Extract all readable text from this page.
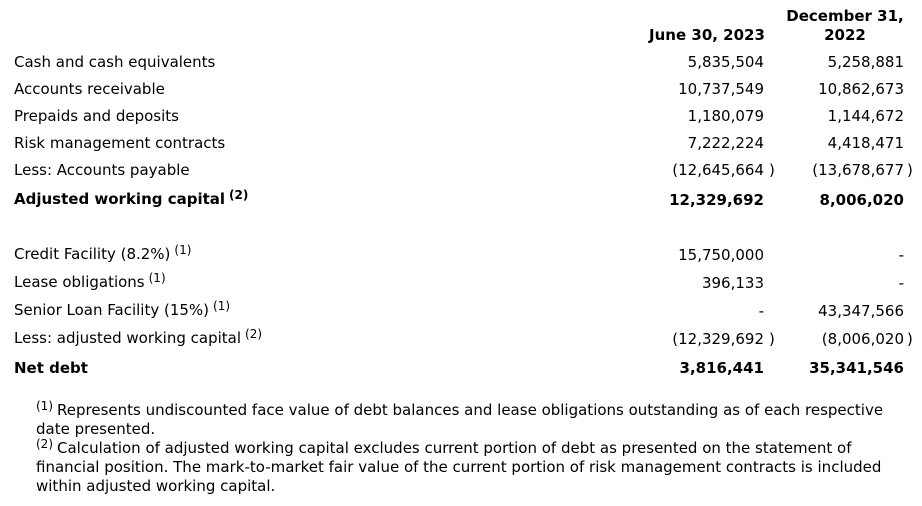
June 30, 2023
December 31,
2022
Cash and cash equivalents	5,835,504	5,258,881
Accounts receivable	10,737,549	10,862,673
Prepaids and deposits	1,180,079	1,144,672
Risk management contracts	7,222,224	4,418,471
Less: Accounts payable	(12,645,664 ) (13,678,677 )
Adjusted working capital $^{(2)}$	12,329,692	8,006,020
Credit Facility (8.2%) $^{(1)}$	15,750,000	-
Lease obligations $^{(1)}$	396,133	-
Senior Loan Facility (15%) $^{(1)}$	-	43,347,566
Less: adjusted working capital $^{(2)}$	(12,329,692 )	(8,006,020 )
Net debt	3,816,441	35,341,546

$^{(1)}$ Represents undiscounted face value of debt balances and lease obligations outstanding as of each respective date presented.

$^{(2)}$ Calculation of adjusted working capital excludes current portion of debt as presented on the statement of financial position. The mark-to-market fair value of the current portion of risk management contracts is included within adjusted working capital.
